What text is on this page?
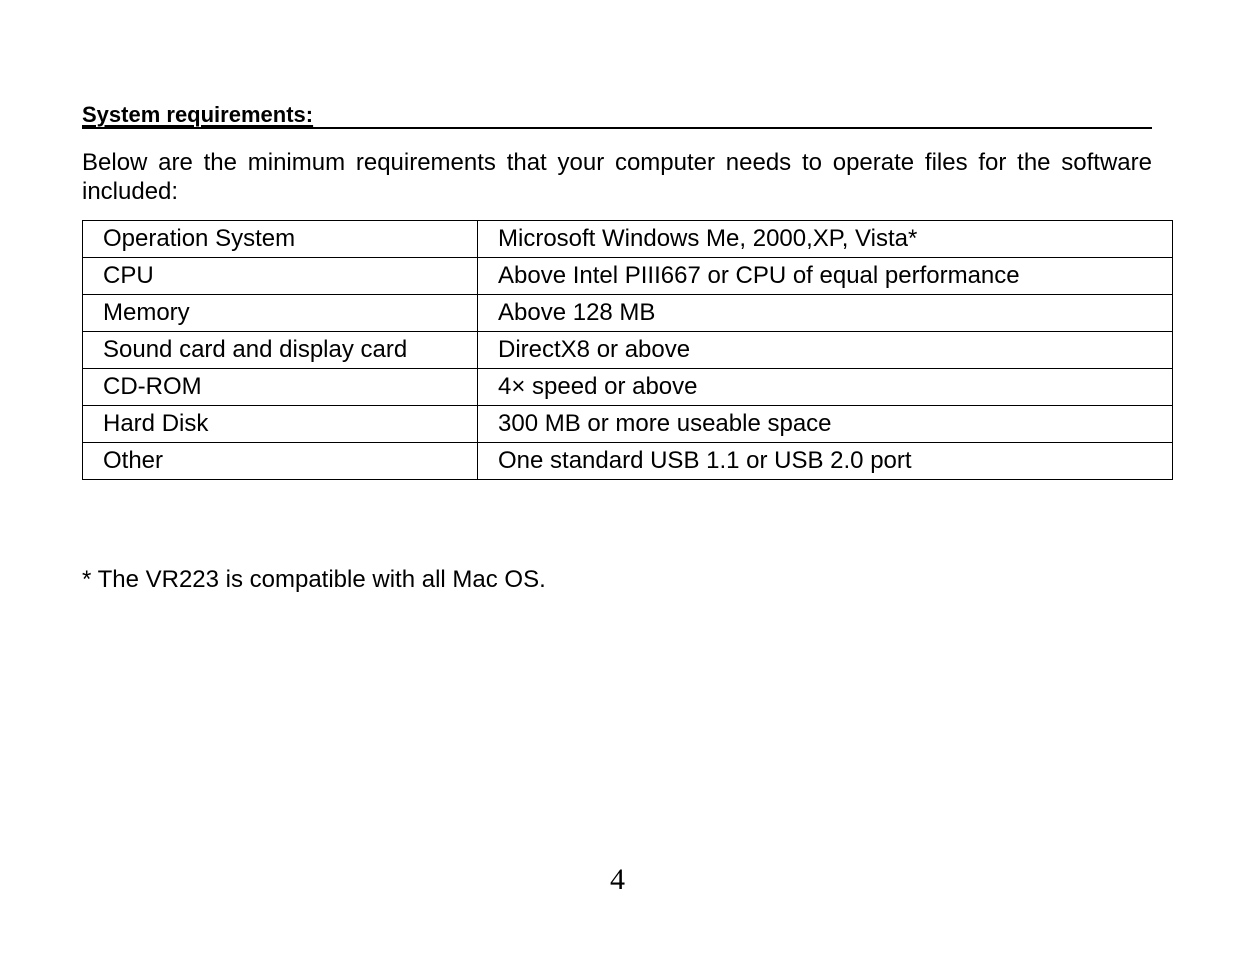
System requirements:

Below are the minimum requirements that your computer needs to operate files for the software included:

Operation System	Microsoft Windows Me, 2000,XP, Vista*
CPU	Above Intel PIII667 or CPU of equal performance
Memory	Above 128 MB
Sound card and display card	DirectX8 or above
CD-ROM	4× speed or above
Hard Disk	300 MB or more useable space
Other	One standard USB 1.1 or USB 2.0 port

* The VR223 is compatible with all Mac OS.

4
